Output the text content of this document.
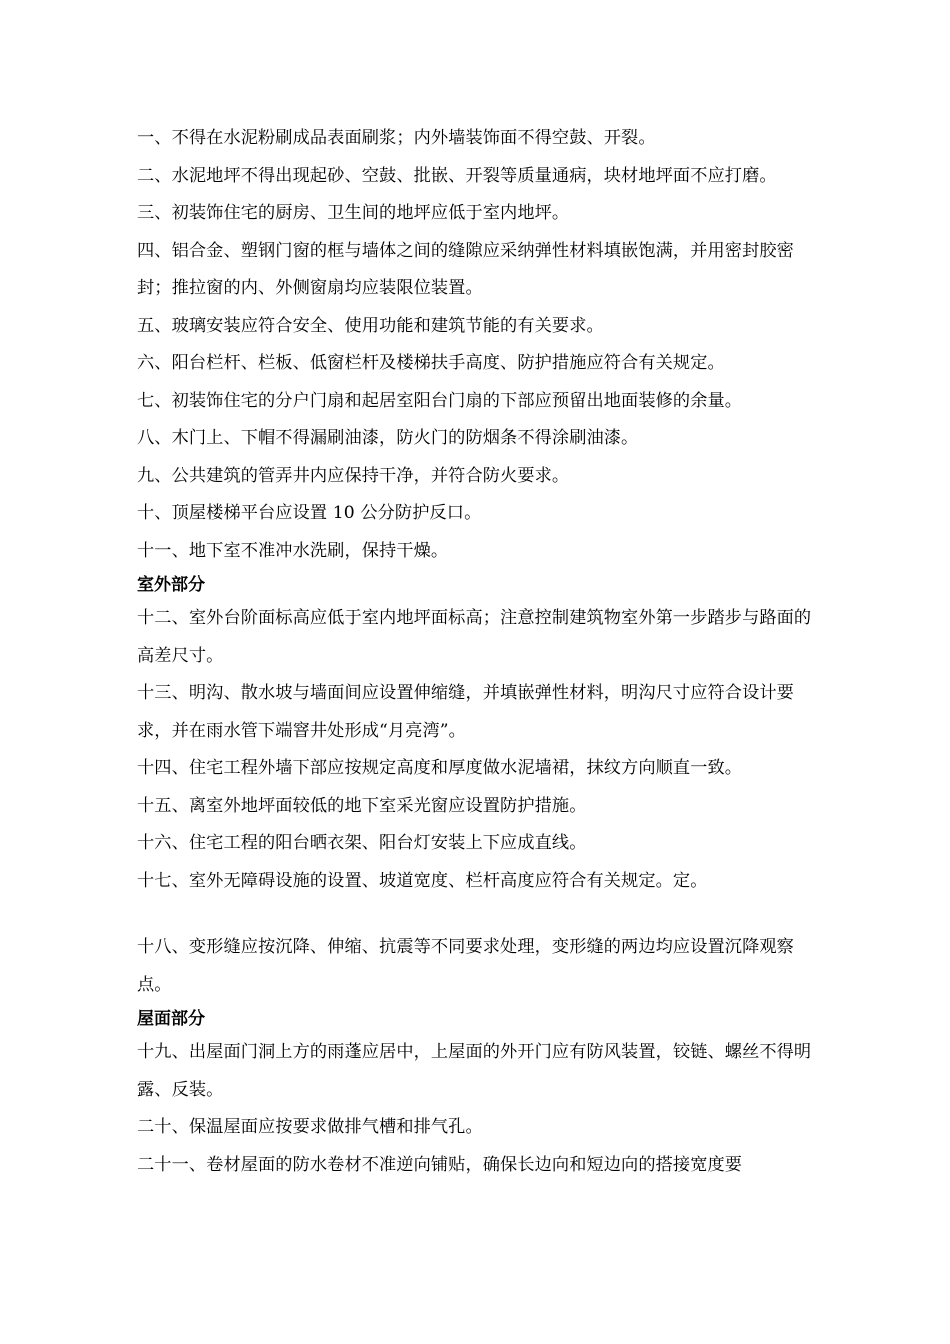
一、不得在水泥粉刷成品表面刷浆；内外墙装饰面不得空鼓、开裂。

二、水泥地坪不得出现起砂、空鼓、批嵌、开裂等质量通病，块材地坪面不应打磨。

三、初装饰住宅的厨房、卫生间的地坪应低于室内地坪。

四、铝合金、塑钢门窗的框与墙体之间的缝隙应采纳弹性材料填嵌饱满，并用密封胶密封；推拉窗的内、外侧窗扇均应装限位装置。

五、玻璃安装应符合安全、使用功能和建筑节能的有关要求。

六、阳台栏杆、栏板、低窗栏杆及楼梯扶手高度、防护措施应符合有关规定。

七、初装饰住宅的分户门扇和起居室阳台门扇的下部应预留出地面装修的余量。

八、木门上、下帽不得漏刷油漆，防火门的防烟条不得涂刷油漆。

九、公共建筑的管弄井内应保持干净，并符合防火要求。

十、顶屋楼梯平台应设置 10 公分防护反口。

十一、地下室不准冲水洗刷，保持干燥。

室外部分

十二、室外台阶面标高应低于室内地坪面标高；注意控制建筑物室外第一步踏步与路面的高差尺寸。

十三、明沟、散水坡与墙面间应设置伸缩缝，并填嵌弹性材料，明沟尺寸应符合设计要求，并在雨水管下端窨井处形成“月亮湾”。

十四、住宅工程外墙下部应按规定高度和厚度做水泥墙裙，抹纹方向顺直一致。

十五、离室外地坪面较低的地下室采光窗应设置防护措施。

十六、住宅工程的阳台晒衣架、阳台灯安装上下应成直线。

十七、室外无障碍设施的设置、坡道宽度、栏杆高度应符合有关规定。定。

十八、变形缝应按沉降、伸缩、抗震等不同要求处理，变形缝的两边均应设置沉降观察点。

屋面部分

十九、出屋面门洞上方的雨蓬应居中，上屋面的外开门应有防风装置，铰链、螺丝不得明露、反装。

二十、保温屋面应按要求做排气槽和排气孔。

二十一、卷材屋面的防水卷材不准逆向铺贴，确保长边向和短边向的搭接宽度要
